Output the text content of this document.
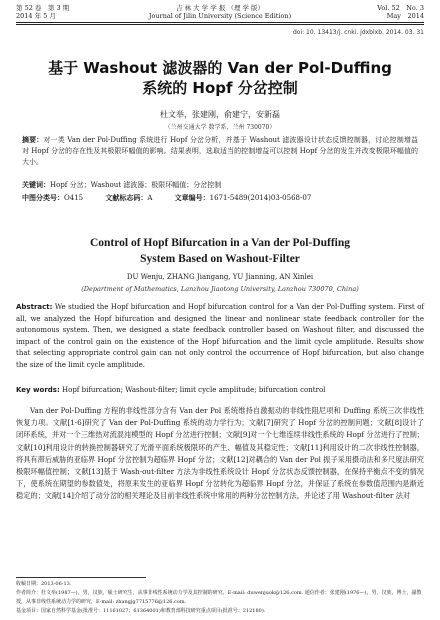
第 52 卷　第 3 期
2014 年 5 月
吉 林 大 学 学 报 （理 学 版）
Journal of Jilin University (Science Edition)
Vol. 52　No. 3
May　2014
doi: 10. 13413/j. cnki. jdxblxb. 2014. 03. 31
基于 Washout 滤波器的 Van der Pol-Duffing
系统的 Hopf 分岔控制
杜文举，张建刚，俞建宁，安新磊
（兰州交通大学 数学系，兰州 730070）
摘要：对一类 Van der Pol-Duffing 系统进行 Hopf 分岔分析，并基于 Washout 滤波器设计状态反馈控制器，讨论控制增益对 Hopf 分岔的存在性及其极限环幅值的影响。结果表明，选取适当的控制增益可以控制 Hopf 分岔的发生并改变极限环幅值的大小。
关键词：Hopf 分岔；Washout 滤波器；极限环幅值；分岔控制
中图分类号：O415	文献标志码：A	文章编号：1671-5489(2014)03-0568-07
Control of Hopf Bifurcation in a Van der Pol-Duffing
System Based on Washout-Filter
DU Wenju, ZHANG Jiangang, YU Jianning, AN Xinlei
(Department of Mathematics, Lanzhou Jiaotong University, Lanzhou 730070, China)
Abstract: We studied the Hopf bifurcation and Hopf bifurcation control for a Van der Pol-Duffing system. First of all, we analyzed the Hopf bifurcation and designed the linear and nonlinear state feedback controller for the autonomous system. Then, we designed a state feedback controller based on Washout filter, and discussed the impact of the control gain on the existence of the Hopf bifurcation and the limit cycle amplitude. Results show that selecting appropriate control gain can not only control the occurrence of Hopf bifurcation, but also change the size of the limit cycle amplitude.
Key words: Hopf bifurcation; Washout-filter; limit cycle amplitude; bifurcation control
Van der Pol-Duffing 方程的非线性部分含有 Van der Pol 系统维持自激振动的非线性阻尼项和 Duffing 系统三次非线性恢复力项。文献[1-6]研究了 Van der Pol-Duffing 系统的动力学行为；文献[7]研究了 Hopf 分岔的控制问题；文献[8]设计了闭环系统，并对一个三维热对流混沌模型的 Hopf 分岔进行控制；文献[9]对一个七维连续非线性系统的 Hopf 分岔进行了控制；文献[10]利用设计的转换控制器研究了光滑平面系统极限环的产生、幅值及其稳定性；文献[11]利用设计的二次非线性控制器，将具有滞后威胁的亚临界 Hopf 分岔控制为超临界 Hopf 分岔；文献[12]对耦合的 Van der Pol 振子采用摄动法和多尺度法研究极限环幅值控制；文献[13]基于 Wash-out-filter 方法为非线性系统设计 Hopf 分岔状态反馈控制器，在保持平衡点不变的情况下，使系统在期望的参数值处，将原来发生的亚临界 Hopf 分岔转化为超临界 Hopf 分岔，并保证了系统在参数值范围内是渐近稳定的；文献[14]介绍了动分岔的相关理论及目前非线性系统中常用的两种分岔控制方法，并论述了用 Washout-filter 法对

收稿日期：2013-06-13.

作者简介：杜文举(1987—)，男，汉族，硕士研究生，从事非线性系统动力学及其控制的研究，E-mail: duwenjuok@126.com. 通信作者：张建刚(1976—)，男，汉族，博士，副教授，从事非线性系统动力学的研究，E-mail: zhangjg7715776@126.com.

基金项目：国家自然科学基金(批准号：11161027；61364001)和教育部科技研究重点项目(批准号：212180).
